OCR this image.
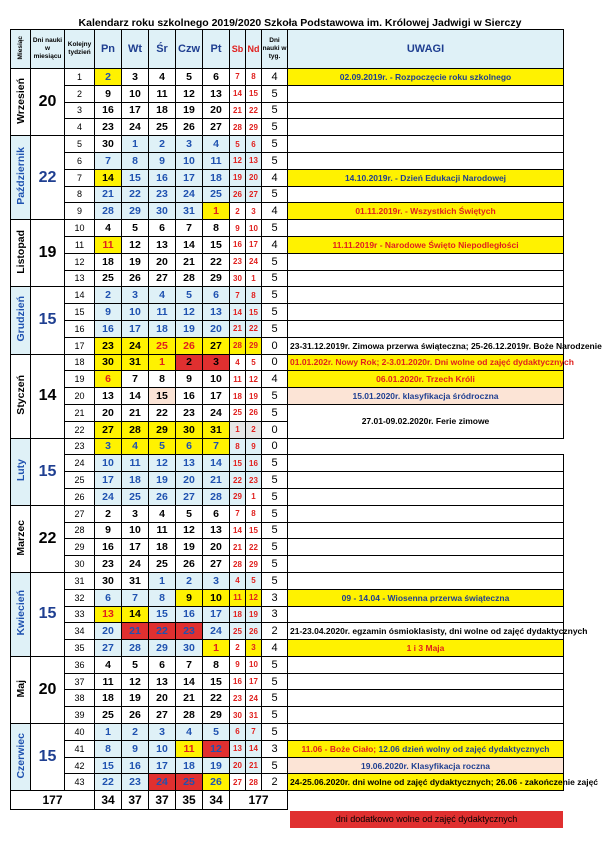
Kalendarz roku szkolnego 2019/2020 Szkoła Podstawowa im. Królowej Jadwigi w Sierczy
Miesiąc	Dni nauki w miesiącu	Kolejny tydzień	Pn	Wt	Śr	Czw	Pt	Sb	Nd	Dni nauki w tyg.	UWAGI
Wrzesień	20	1	2	3	4	5	6	7	8	4	02.09.2019r. - Rozpoczęcie roku szkolnego
		2	9	10	11	12	13	14	15	5	
		3	16	17	18	19	20	21	22	5	
		4	23	24	25	26	27	28	29	5	
Październik	22	5	30	1	2	3	4	5	6	5	
		6	7	8	9	10	11	12	13	5	
		7	14	15	16	17	18	19	20	4	14.10.2019r. - Dzień Edukacji Narodowej
		8	21	22	23	24	25	26	27	5	
		9	28	29	30	31	1	2	3	4	01.11.2019r. - Wszystkich Świętych
Listopad	19	10	4	5	6	7	8	9	10	5	
		11	11	12	13	14	15	16	17	4	11.11.2019r - Narodowe Święto Niepodległości
		12	18	19	20	21	22	23	24	5	
		13	25	26	27	28	29	30	1	5	
Grudzień	15	14	2	3	4	5	6	7	8	5	
		15	9	10	11	12	13	14	15	5	
		16	16	17	18	19	20	21	22	5	
		17	23	24	25	26	27	28	29	0	23-31.12.2019r. Zimowa przerwa świąteczna; 25-26.12.2019r. Boże Narodzenie
Styczeń	14	18	30	31	1	2	3	4	5	0	01.01.202r. Nowy Rok; 2-3.01.2020r. Dni wolne od zajęć dydaktycznych
		19	6	7	8	9	10	11	12	4	06.01.2020r. Trzech Króli
		20	13	14	15	16	17	18	19	5	15.01.2020r. klasyfikacja śródroczna
		21	20	21	22	23	24	25	26	5	27.01-09.02.2020r. Ferie zimowe
		22	27	28	29	30	31	1	2	0	
Luty	15	23	3	4	5	6	7	8	9	0	
		24	10	11	12	13	14	15	16	5	
		25	17	18	19	20	21	22	23	5	
		26	24	25	26	27	28	29	1	5	
Marzec	22	27	2	3	4	5	6	7	8	5	
		28	9	10	11	12	13	14	15	5	
		29	16	17	18	19	20	21	22	5	
		30	23	24	25	26	27	28	29	5	
Kwiecień	15	31	30	31	1	2	3	4	5	5	
		32	6	7	8	9	10	11	12	3	09 - 14.04 - Wiosenna przerwa świąteczna
		33	13	14	15	16	17	18	19	3	
		34	20	21	22	23	24	25	26	2	21-23.04.2020r. egzamin ósmioklasisty, dni wolne od zajęć dydaktycznych
		35	27	28	29	30	1	2	3	4	1 i 3 Maja
Maj	20	36	4	5	6	7	8	9	10	5	
		37	11	12	13	14	15	16	17	5	
		38	18	19	20	21	22	23	24	5	
		39	25	26	27	28	29	30	31	5	
Czerwiec	15	40	1	2	3	4	5	6	7	5	
		41	8	9	10	11	12	13	14	3	11.06 - Boże Ciało; 12.06 dzień wolny od zajęć dydaktycznych
		42	15	16	17	18	19	20	21	5	19.06.2020r. Klasyfikacja roczna
		43	22	23	24	25	26	27	28	2	24-25.06.2020r. dni wolne od zajęć dydaktycznych; 26.06 - zakończenie zajęć
177			34	37	37	35	34	177			
dni dodatkowo wolne od zajęć dydaktycznych
